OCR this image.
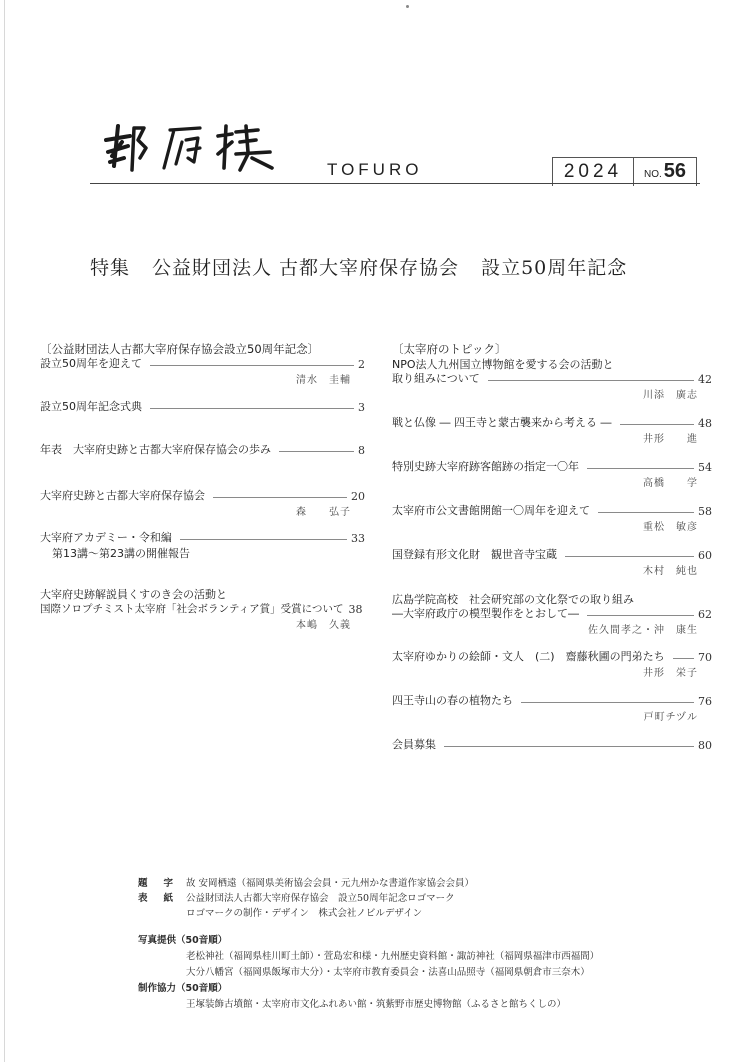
TOFURO	2024	NO. 56
特集 公益財団法人 古都大宰府保存協会 設立50周年記念
〔公益財団法人古都大宰府保存協会設立50周年記念〕
設立50周年を迎えて	2
清水　圭輔
設立50周年記念式典	3
年表　大宰府史跡と古都大宰府保存協会の歩み	8
大宰府史跡と古都大宰府保存協会	20
森　　弘子
大宰府アカデミー・令和編	33
第13講～第23講の開催報告
大宰府史跡解説員くすのき会の活動と
国際ソロプチミスト太宰府「社会ボランティア賞」受賞について 38
本嶋　久義
〔太宰府のトピック〕
NPO法人九州国立博物館を愛する会の活動と
取り組みについて	42
川添　廣志
戦と仏像 ― 四王寺と蒙古襲来から考える ―	48
井形　　進
特別史跡大宰府跡客館跡の指定一〇年	54
高橋　　学
太宰府市公文書館開館一〇周年を迎えて	58
重松　敏彦
国登録有形文化財　観世音寺宝蔵	60
木村　純也
広島学院高校　社会研究部の文化祭での取り組み
―大宰府政庁の模型製作をとおして―	62
佐久間孝之・沖　康生
太宰府ゆかりの絵師・文人　(二)　齋藤秋圃の門弟たち	70
井形　栄子
四王寺山の春の植物たち	76
戸町チヅル
会員募集	80
題字
故 安岡栖遠（福岡県美術協会会員・元九州かな書道作家協会会員）
表紙
公益財団法人古都大宰府保存協会　設立50周年記念ロゴマーク
ロゴマークの制作・デザイン　株式会社ノビルデザイン
写真提供（50音順）
老松神社（福岡県桂川町土師）・萱島宏和様・九州歴史資料館・諏訪神社（福岡県福津市西福間）
大分八幡宮（福岡県飯塚市大分）・太宰府市教育委員会・法喜山品照寺（福岡県朝倉市三奈木）
制作協力（50音順）
王塚装飾古墳館・太宰府市文化ふれあい館・筑紫野市歴史博物館（ふるさと館ちくしの）
